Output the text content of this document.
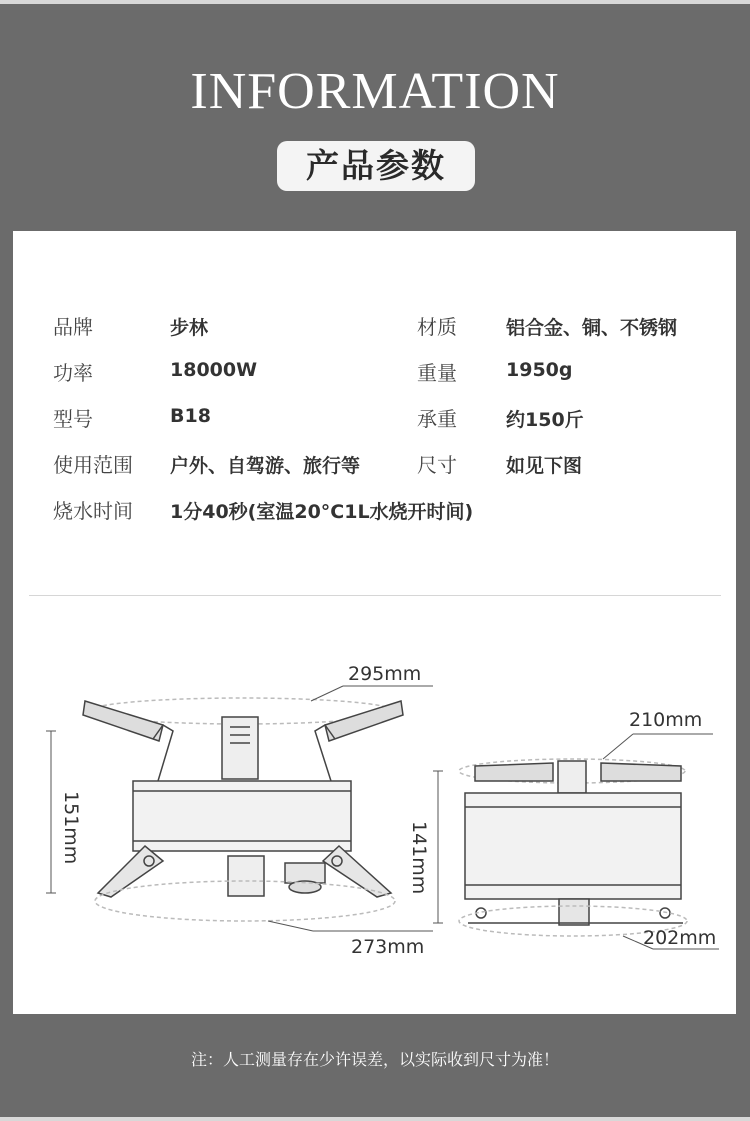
INFORMATION
产品参数
品牌	步林	材质	铝合金、铜、不锈钢
功率	18000W	重量	1950g
型号	B18	承重	约150斤
使用范围 户外、自驾游、旅行等	尺寸	如见下图
烧水时间 1分40秒(室温20°C1L水烧开时间)
295mm
151mm
273mm
210mm
141mm
202mm
注：人工测量存在少许误差，以实际收到尺寸为准！
